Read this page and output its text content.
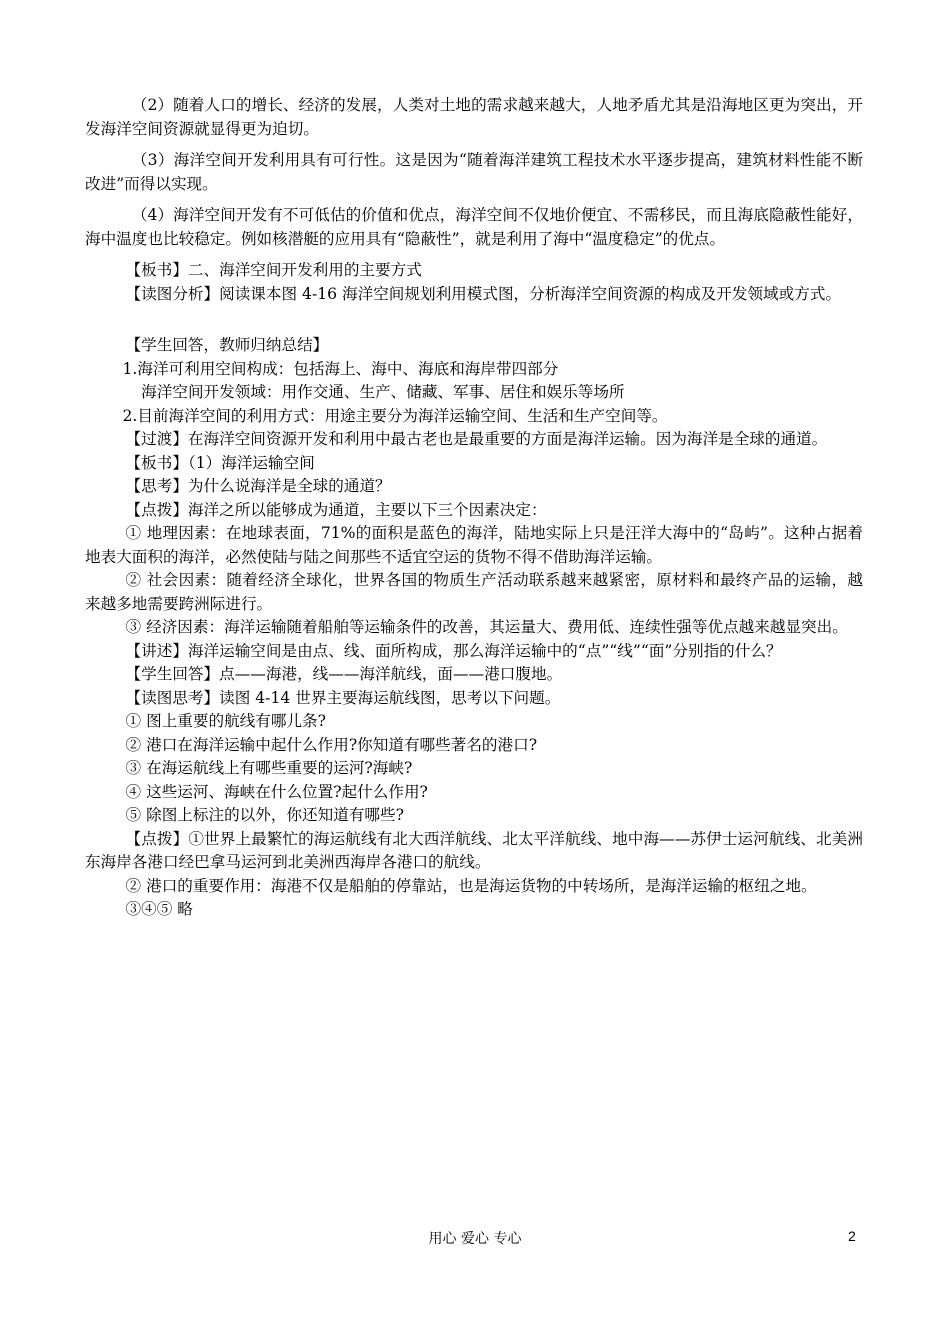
（2）随着人口的增长、经济的发展，人类对土地的需求越来越大，人地矛盾尤其是沿海地区更为突出，开发海洋空间资源就显得更为迫切。

（3）海洋空间开发利用具有可行性。这是因为“随着海洋建筑工程技术水平逐步提高，建筑材料性能不断改进”而得以实现。

（4）海洋空间开发有不可低估的价值和优点，海洋空间不仅地价便宜、不需移民，而且海底隐蔽性能好，海中温度也比较稳定。例如核潜艇的应用具有“隐蔽性”，就是利用了海中“温度稳定”的优点。

【板书】二、海洋空间开发利用的主要方式

【读图分析】阅读课本图 4-16 海洋空间规划利用模式图，分析海洋空间资源的构成及开发领域或方式。

【学生回答，教师归纳总结】

1.海洋可利用空间构成：包括海上、海中、海底和海岸带四部分

海洋空间开发领域：用作交通、生产、储藏、军事、居住和娱乐等场所

2.目前海洋空间的利用方式：用途主要分为海洋运输空间、生活和生产空间等。

【过渡】在海洋空间资源开发和利用中最古老也是最重要的方面是海洋运输。因为海洋是全球的通道。

【板书】（1）海洋运输空间

【思考】为什么说海洋是全球的通道？

【点拨】海洋之所以能够成为通道，主要以下三个因素决定：

① 地理因素：在地球表面，71%的面积是蓝色的海洋，陆地实际上只是汪洋大海中的“岛屿”。这种占据着地表大面积的海洋，必然使陆与陆之间那些不适宜空运的货物不得不借助海洋运输。

② 社会因素：随着经济全球化，世界各国的物质生产活动联系越来越紧密，原材料和最终产品的运输，越来越多地需要跨洲际进行。

③ 经济因素：海洋运输随着船舶等运输条件的改善，其运量大、费用低、连续性强等优点越来越显突出。

【讲述】海洋运输空间是由点、线、面所构成，那么海洋运输中的“点”“线”“面”分别指的什么？

【学生回答】点——海港，线——海洋航线，面——港口腹地。

【读图思考】读图 4-14 世界主要海运航线图，思考以下问题。

① 图上重要的航线有哪儿条?

② 港口在海洋运输中起什么作用?你知道有哪些著名的港口?

③ 在海运航线上有哪些重要的运河?海峡?

④ 这些运河、海峡在什么位置?起什么作用?

⑤ 除图上标注的以外，你还知道有哪些?

【点拨】①世界上最繁忙的海运航线有北大西洋航线、北太平洋航线、地中海——苏伊士运河航线、北美洲东海岸各港口经巴拿马运河到北美洲西海岸各港口的航线。

② 港口的重要作用：海港不仅是船舶的停靠站，也是海运货物的中转场所，是海洋运输的枢纽之地。

③④⑤ 略

用心 爱心 专心	2
